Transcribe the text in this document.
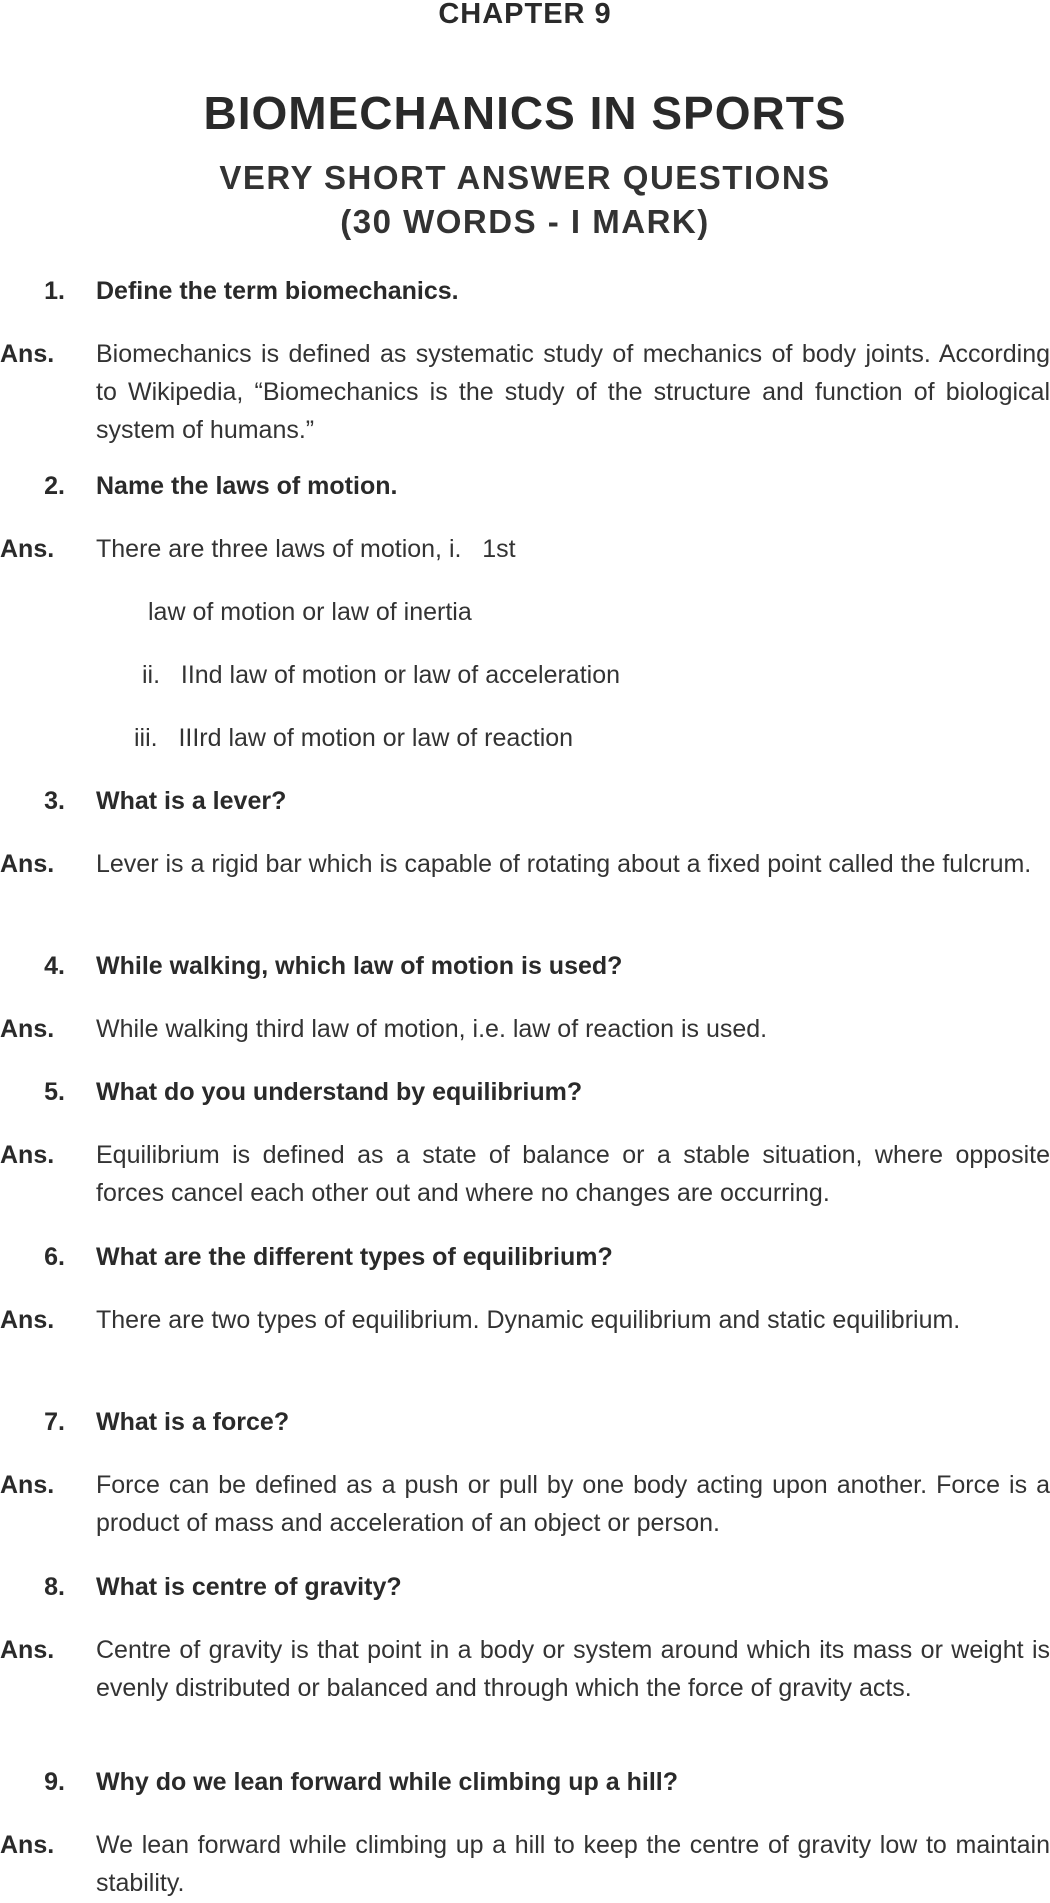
CHAPTER 9
BIOMECHANICS IN SPORTS
VERY SHORT ANSWER QUESTIONS
(30 WORDS - I MARK)
1. Define the term biomechanics.
Ans. Biomechanics is defined as systematic study of mechanics of body joints. According to Wikipedia, “Biomechanics is the study of the structure and function of biological system of humans.”
2. Name the laws of motion.
Ans. There are three laws of motion, i.   1st
law of motion or law of inertia
ii.   IInd law of motion or law of acceleration
iii.   IIIrd law of motion or law of reaction
3. What is a lever?
Ans. Lever is a rigid bar which is capable of rotating about a fixed point called the fulcrum.
4. While walking, which law of motion is used?
Ans. While walking third law of motion, i.e. law of reaction is used.
5. What do you understand by equilibrium?
Ans. Equilibrium is defined as a state of balance or a stable situation, where opposite forces cancel each other out and where no changes are occurring.
6. What are the different types of equilibrium?
Ans. There are two types of equilibrium. Dynamic equilibrium and static equilibrium.
7. What is a force?
Ans. Force can be defined as a push or pull by one body acting upon another. Force is a product of mass and acceleration of an object or person.
8. What is centre of gravity?
Ans. Centre of gravity is that point in a body or system around which its mass or weight is evenly distributed or balanced and through which the force of gravity acts.
9. Why do we lean forward while climbing up a hill?
Ans. We lean forward while climbing up a hill to keep the centre of gravity low to maintain stability.
